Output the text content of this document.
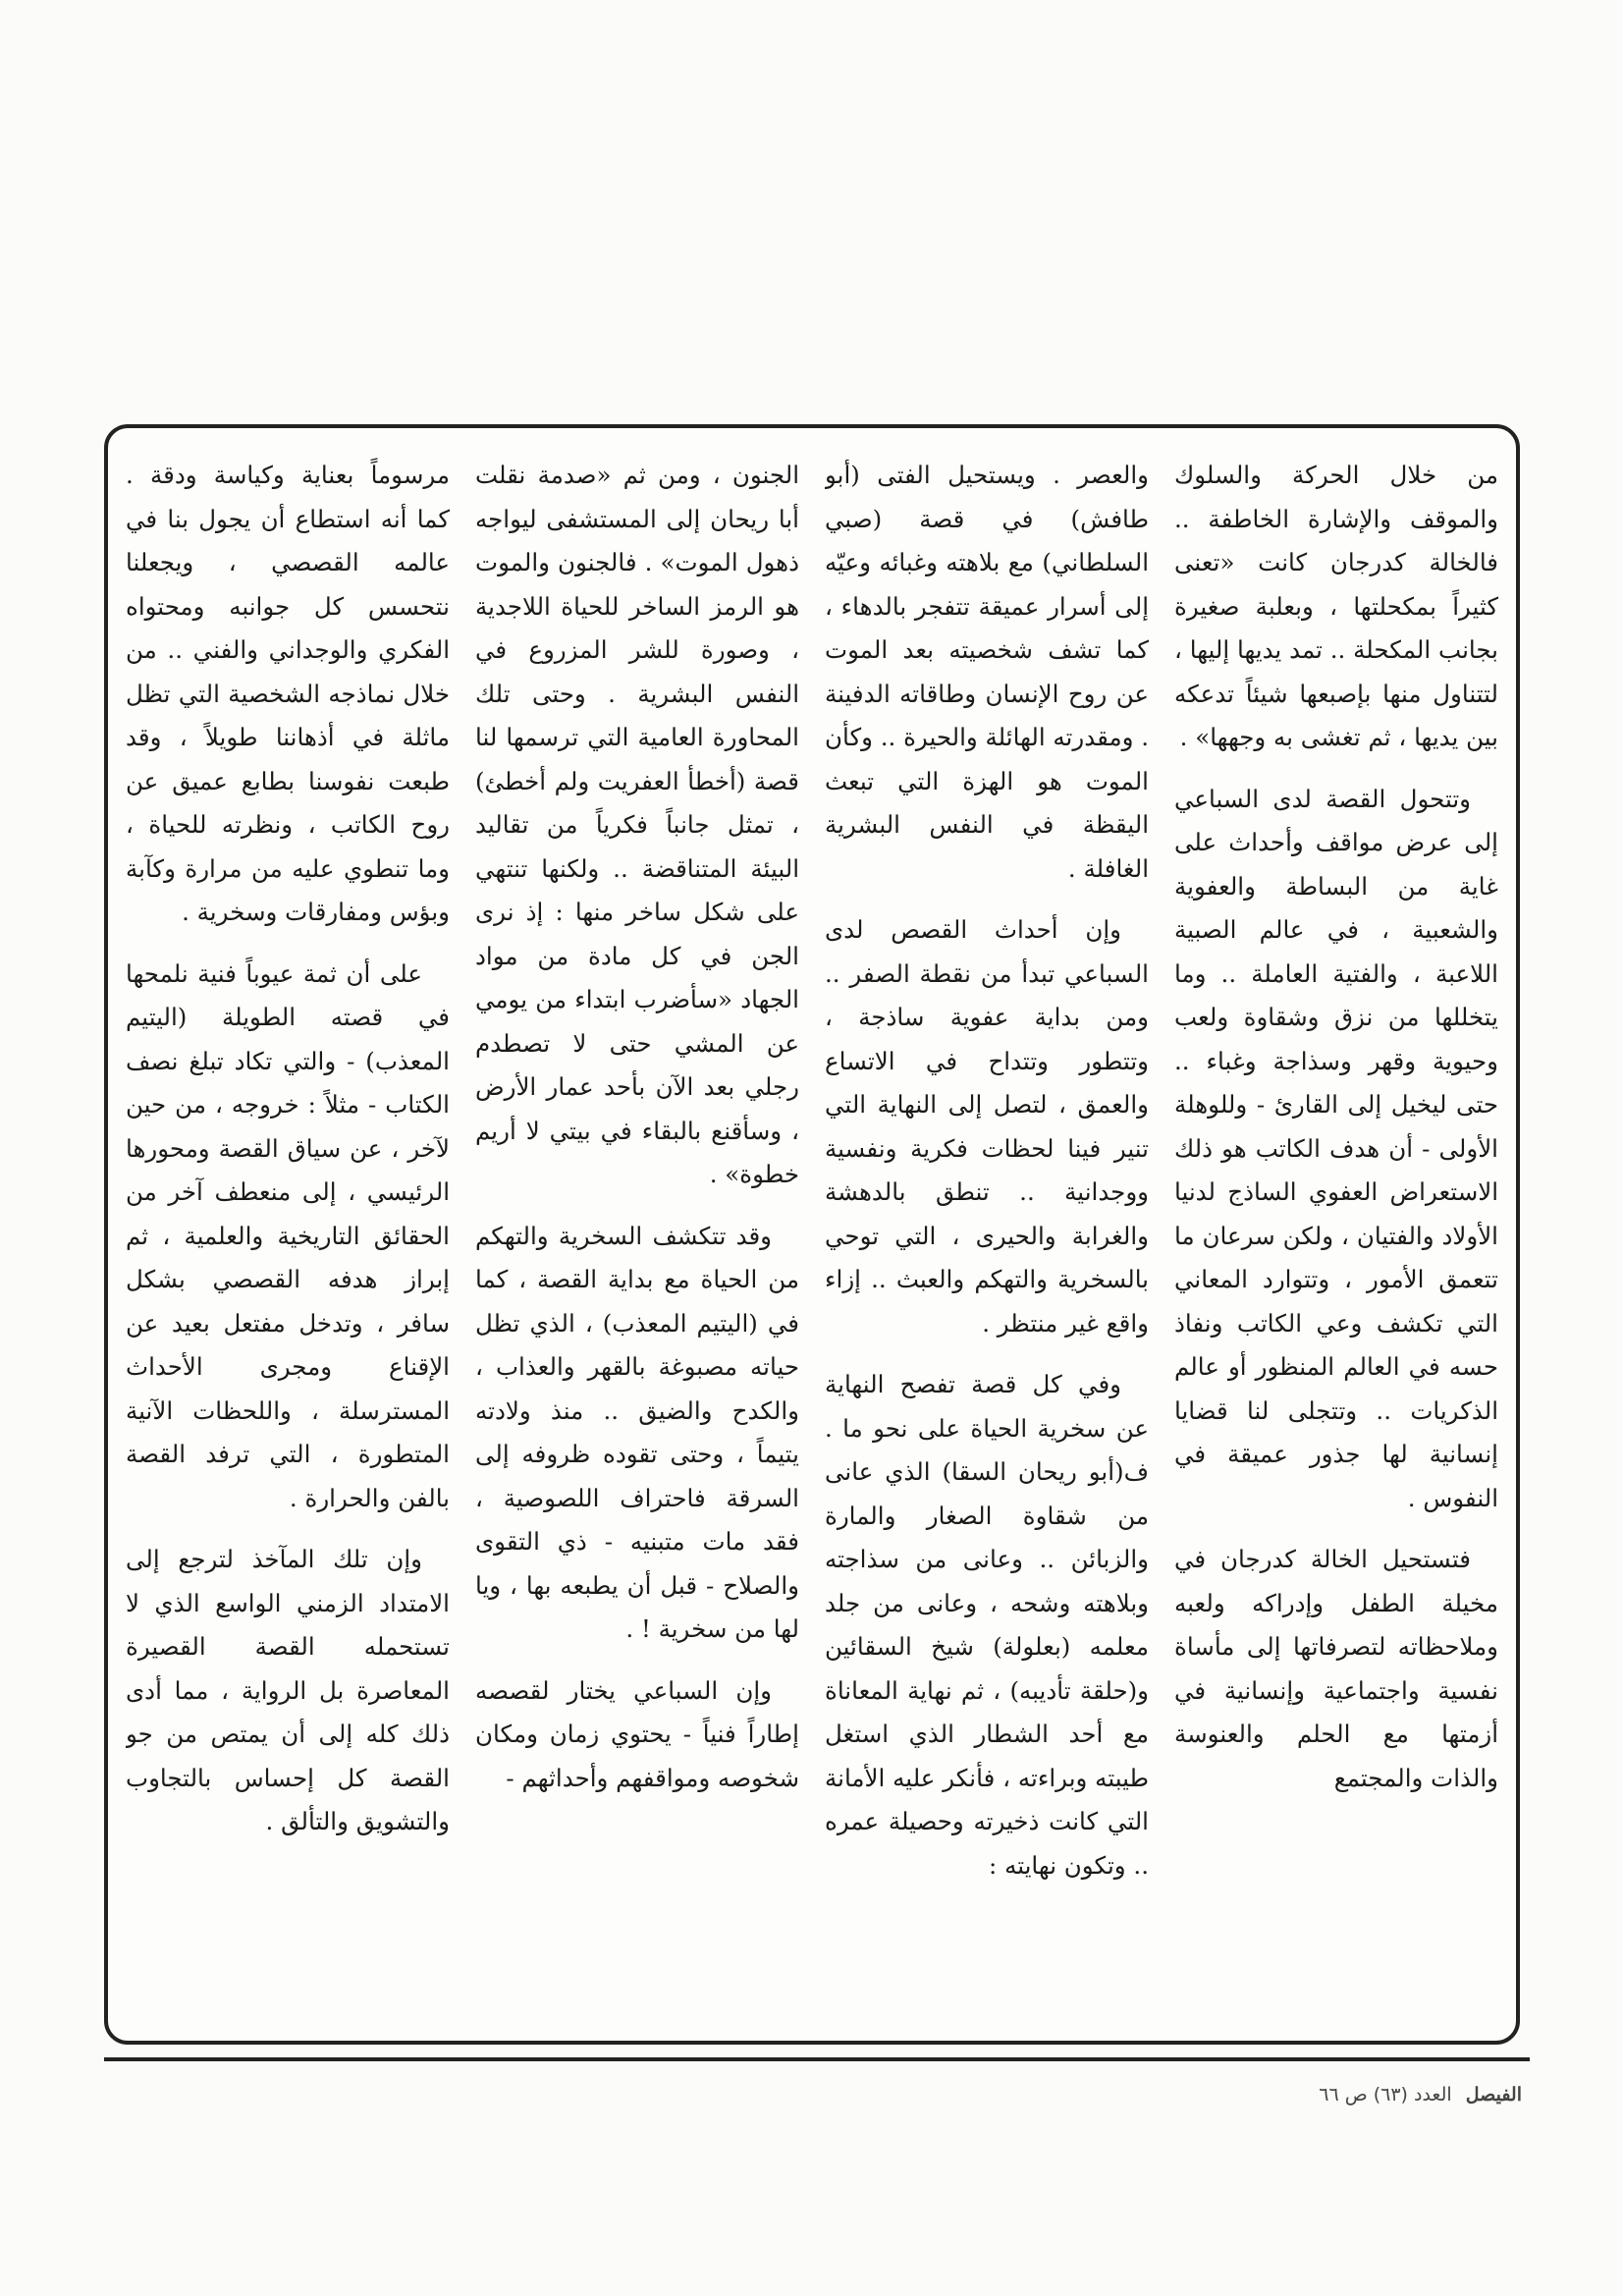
من خلال الحركة والسلوك والموقف والإشارة الخاطفة .. فالخالة كدرجان كانت «تعنى كثيراً بمكحلتها ، وبعلبة صغيرة بجانب المكحلة .. تمد يديها إليها ، لتتناول منها بإصبعها شيئاً تدعكه بين يديها ، ثم تغشى به وجهها» .

وتتحول القصة لدى السباعي إلى عرض مواقف وأحداث على غاية من البساطة والعفوية والشعبية ، في عالم الصبية اللاعبة ، والفتية العاملة .. وما يتخللها من نزق وشقاوة ولعب وحيوية وقهر وسذاجة وغباء .. حتى ليخيل إلى القارئ - وللوهلة الأولى - أن هدف الكاتب هو ذلك الاستعراض العفوي الساذج لدنيا الأولاد والفتيان ، ولكن سرعان ما تتعمق الأمور ، وتتوارد المعاني التي تكشف وعي الكاتب ونفاذ حسه في العالم المنظور أو عالم الذكريات .. وتتجلى لنا قضايا إنسانية لها جذور عميقة في النفوس .

فتستحيل الخالة كدرجان في مخيلة الطفل وإدراكه ولعبه وملاحظاته لتصرفاتها إلى مأساة نفسية واجتماعية وإنسانية في أزمتها مع الحلم والعنوسة والذات والمجتمع

والعصر . ويستحيل الفتى (أبو طافش) في قصة (صبي السلطاني) مع بلاهته وغبائه وعيّه إلى أسرار عميقة تتفجر بالدهاء ، كما تشف شخصيته بعد الموت عن روح الإنسان وطاقاته الدفينة . ومقدرته الهائلة والحيرة .. وكأن الموت هو الهزة التي تبعث اليقظة في النفس البشرية الغافلة .

وإن أحداث القصص لدى السباعي تبدأ من نقطة الصفر .. ومن بداية عفوية ساذجة ، وتتطور وتتداح في الاتساع والعمق ، لتصل إلى النهاية التي تنير فينا لحظات فكرية ونفسية ووجدانية .. تنطق بالدهشة والغرابة والحيرى ، التي توحي بالسخرية والتهكم والعبث .. إزاء واقع غير منتظر .

وفي كل قصة تفصح النهاية عن سخرية الحياة على نحو ما . ف(أبو ريحان السقا) الذي عانى من شقاوة الصغار والمارة والزبائن .. وعانى من سذاجته وبلاهته وشحه ، وعانى من جلد معلمه (بعلولة) شيخ السقائين و(حلقة تأديبه) ، ثم نهاية المعاناة مع أحد الشطار الذي استغل طيبته وبراءته ، فأنكر عليه الأمانة التي كانت ذخيرته وحصيلة عمره .. وتكون نهايته :

الجنون ، ومن ثم «صدمة نقلت أبا ريحان إلى المستشفى ليواجه ذهول الموت» . فالجنون والموت هو الرمز الساخر للحياة اللاجدية ، وصورة للشر المزروع في النفس البشرية . وحتى تلك المحاورة العامية التي ترسمها لنا قصة (أخطأ العفريت ولم أخطئ) ، تمثل جانباً فكرياً من تقاليد البيئة المتناقضة .. ولكنها تنتهي على شكل ساخر منها : إذ نرى الجن في كل مادة من مواد الجهاد «سأضرب ابتداء من يومي عن المشي حتى لا تصطدم رجلي بعد الآن بأحد عمار الأرض ، وسأقنع بالبقاء في بيتي لا أريم خطوة» .

وقد تتكشف السخرية والتهكم من الحياة مع بداية القصة ، كما في (اليتيم المعذب) ، الذي تظل حياته مصبوغة بالقهر والعذاب ، والكدح والضيق .. منذ ولادته يتيماً ، وحتى تقوده ظروفه إلى السرقة فاحتراف اللصوصية ، فقد مات متبنيه - ذي التقوى والصلاح - قبل أن يطبعه بها ، ويا لها من سخرية ! .

وإن السباعي يختار لقصصه إطاراً فنياً - يحتوي زمان ومكان شخوصه ومواقفهم وأحداثهم -

مرسوماً بعناية وكياسة ودقة . كما أنه استطاع أن يجول بنا في عالمه القصصي ، ويجعلنا نتحسس كل جوانبه ومحتواه الفكري والوجداني والفني .. من خلال نماذجه الشخصية التي تظل ماثلة في أذهاننا طويلاً ، وقد طبعت نفوسنا بطابع عميق عن روح الكاتب ، ونظرته للحياة ، وما تنطوي عليه من مرارة وكآبة وبؤس ومفارقات وسخرية .

على أن ثمة عيوباً فنية نلمحها في قصته الطويلة (اليتيم المعذب) - والتي تكاد تبلغ نصف الكتاب - مثلاً : خروجه ، من حين لآخر ، عن سياق القصة ومحورها الرئيسي ، إلى منعطف آخر من الحقائق التاريخية والعلمية ، ثم إبراز هدفه القصصي بشكل سافر ، وتدخل مفتعل بعيد عن الإقناع ومجرى الأحداث المسترسلة ، واللحظات الآنية المتطورة ، التي ترفد القصة بالفن والحرارة .

وإن تلك المآخذ لترجع إلى الامتداد الزمني الواسع الذي لا تستحمله القصة القصيرة المعاصرة بل الرواية ، مما أدى ذلك كله إلى أن يمتص من جو القصة كل إحساس بالتجاوب والتشويق والتألق .

الفيصل العدد (٦٣) ص ٦٦
